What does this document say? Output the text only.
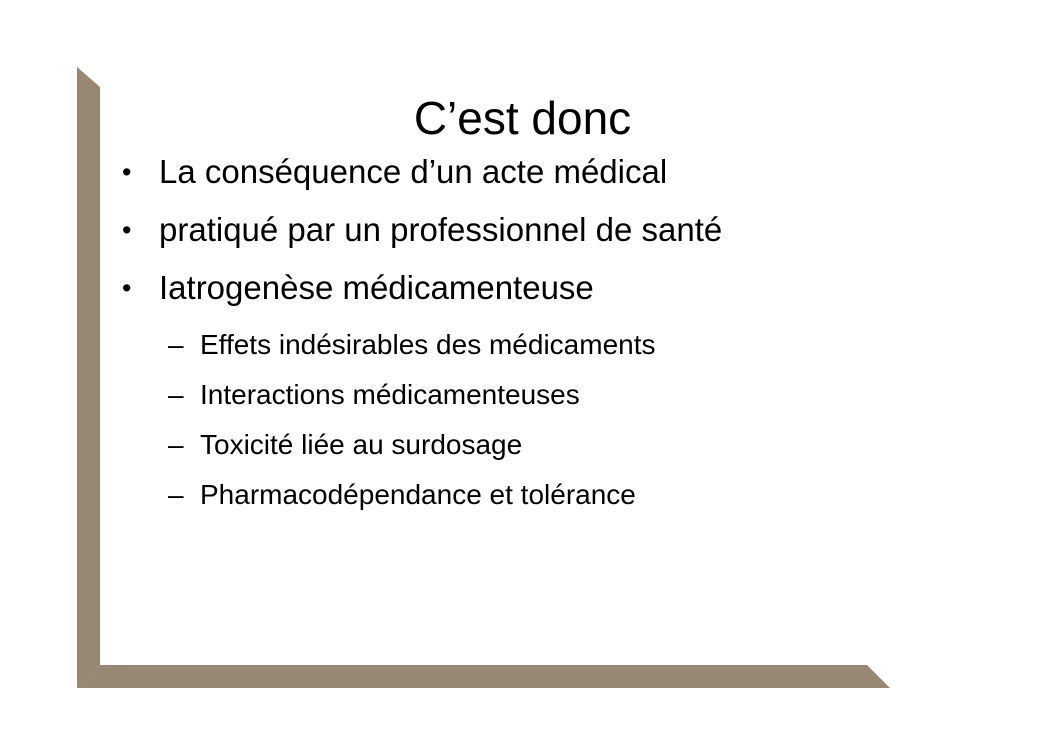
C’est donc
• La conséquence d’un acte médical
• pratiqué par un professionnel de santé
• Iatrogenèse médicamenteuse
– Effets indésirables des médicaments
– Interactions médicamenteuses
– Toxicité liée au surdosage
– Pharmacodépendance et tolérance
